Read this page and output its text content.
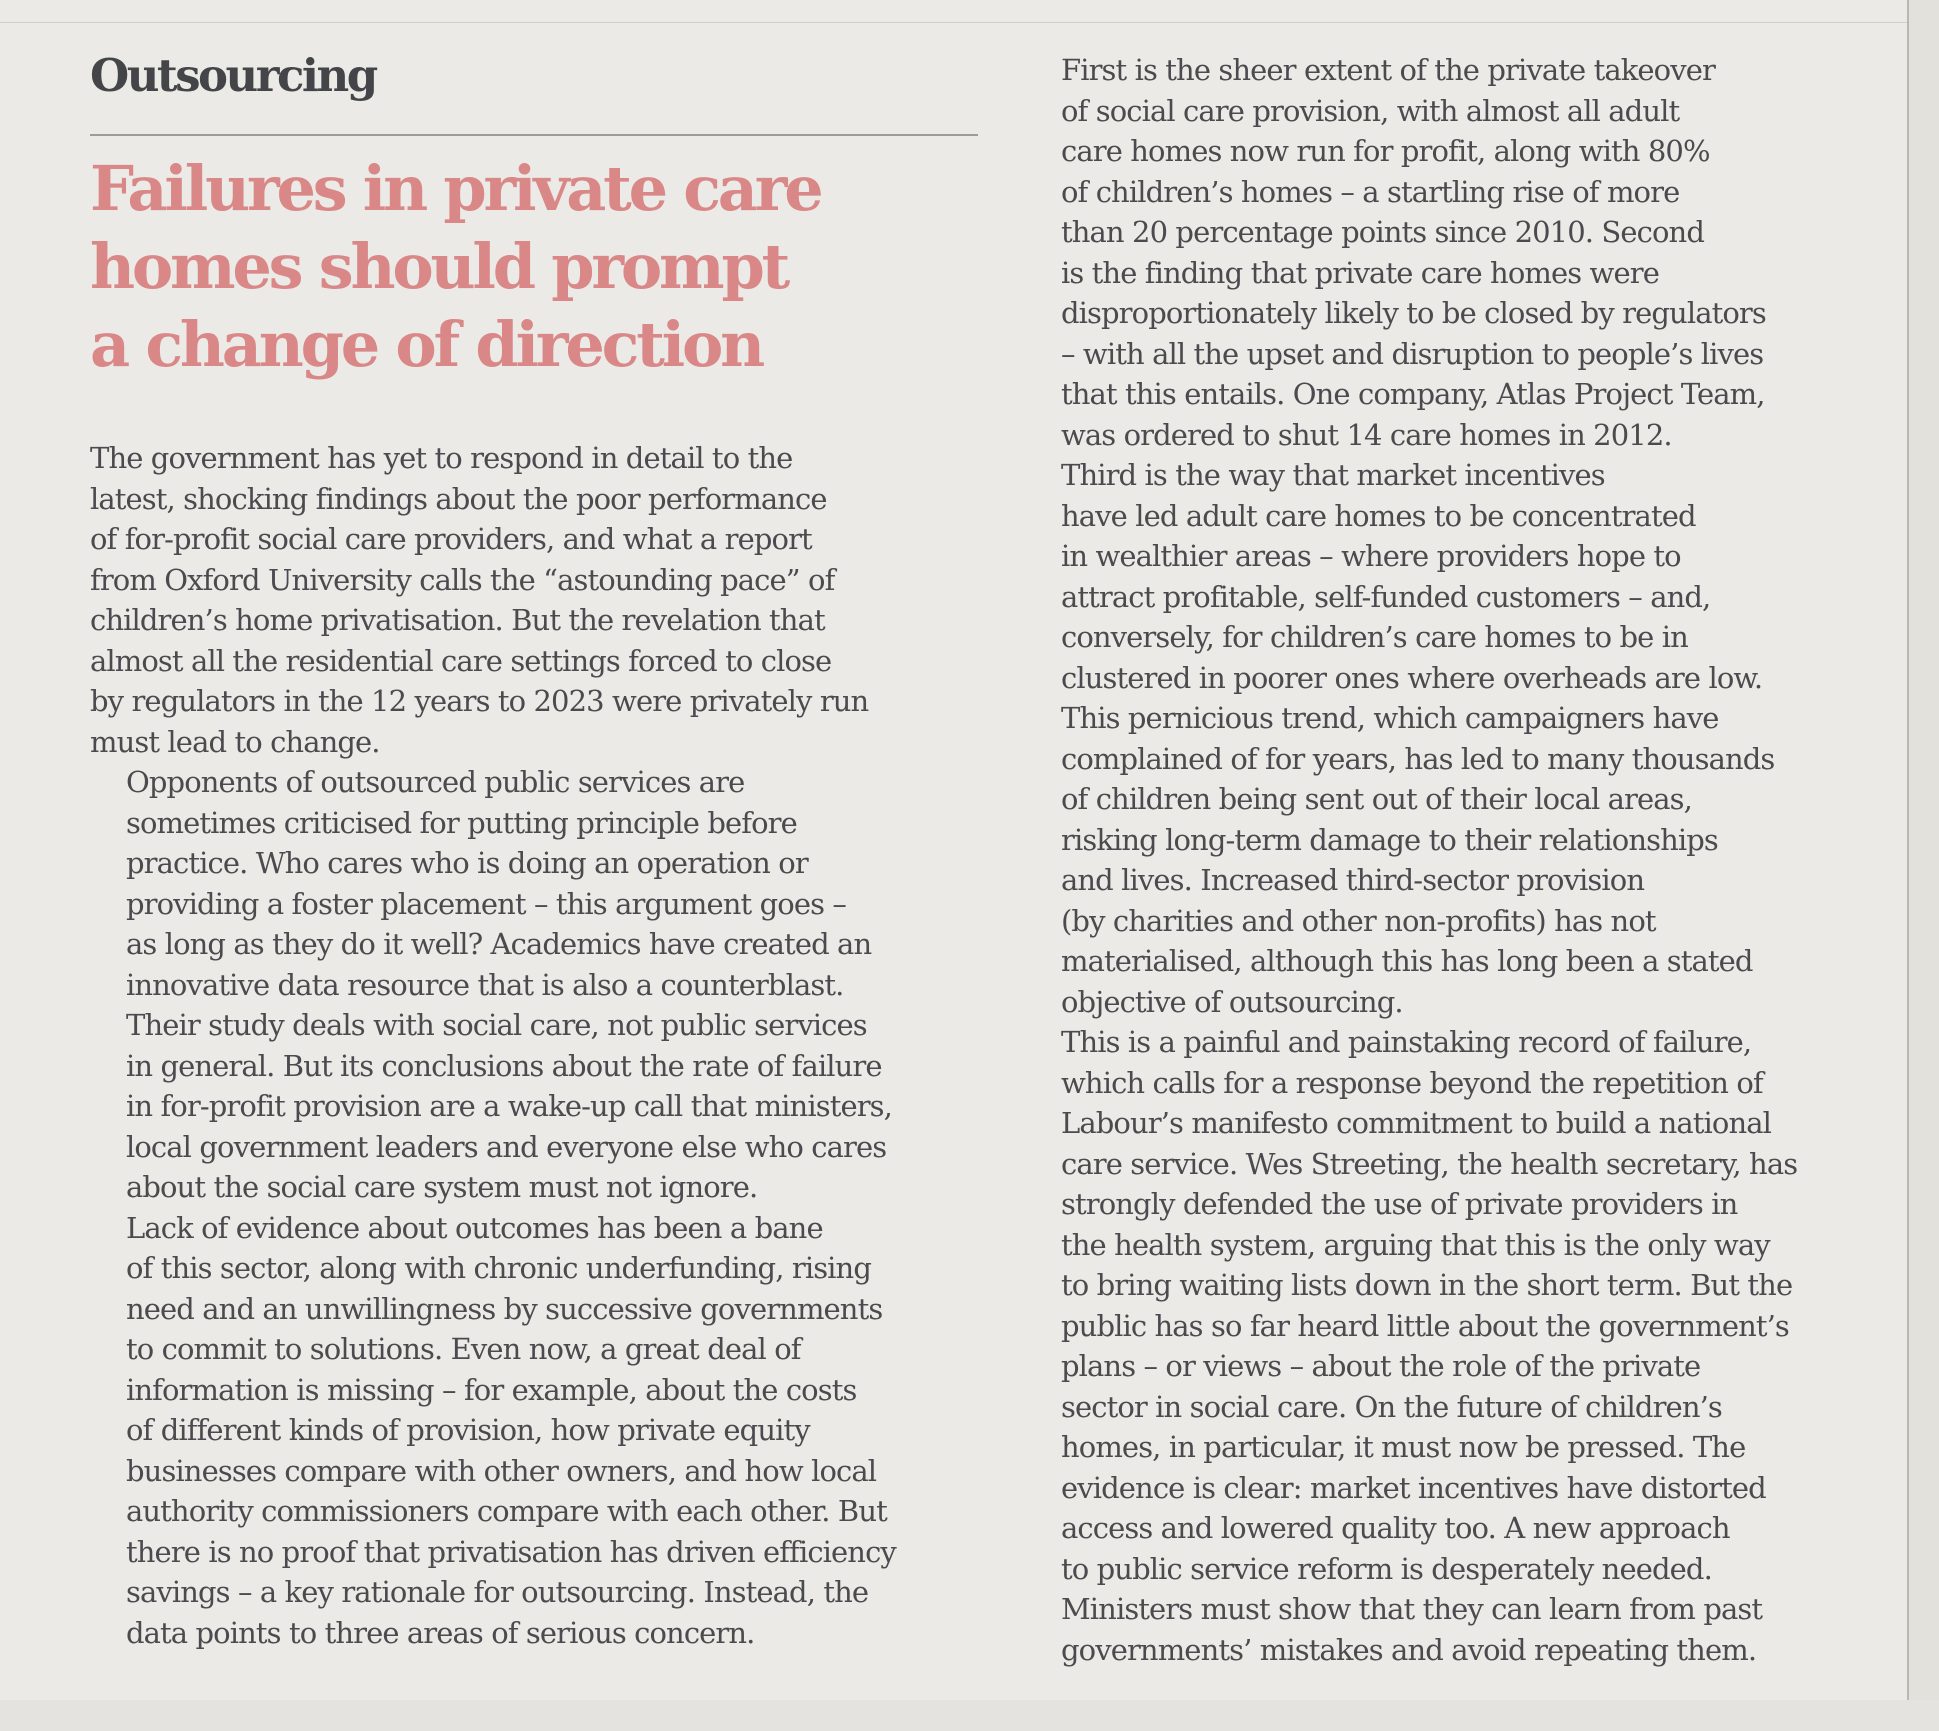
Outsourcing
Failures in private care
homes should prompt
a change of direction

The government has yet to respond in detail to the
latest, shocking findings about the poor performance
of for-profit social care providers, and what a report
from Oxford University calls the “astounding pace” of
children’s home privatisation. But the revelation that
almost all the residential care settings forced to close
by regulators in the 12 years to 2023 were privately run
must lead to change.

Opponents of outsourced public services are
sometimes criticised for putting principle before
practice. Who cares who is doing an operation or
providing a foster placement – this argument goes –
as long as they do it well? Academics have created an
innovative data resource that is also a counterblast.
Their study deals with social care, not public services
in general. But its conclusions about the rate of failure
in for-profit provision are a wake-up call that ministers,
local government leaders and everyone else who cares
about the social care system must not ignore.

Lack of evidence about outcomes has been a bane
of this sector, along with chronic underfunding, rising
need and an unwillingness by successive governments
to commit to solutions. Even now, a great deal of
information is missing – for example, about the costs
of different kinds of provision, how private equity
businesses compare with other owners, and how local
authority commissioners compare with each other. But
there is no proof that privatisation has driven efficiency
savings – a key rationale for outsourcing. Instead, the
data points to three areas of serious concern.

First is the sheer extent of the private takeover
of social care provision, with almost all adult
care homes now run for profit, along with 80%
of children’s homes – a startling rise of more
than 20 percentage points since 2010. Second
is the finding that private care homes were
disproportionately likely to be closed by regulators
– with all the upset and disruption to people’s lives
that this entails. One company, Atlas Project Team,
was ordered to shut 14 care homes in 2012.

Third is the way that market incentives
have led adult care homes to be concentrated
in wealthier areas – where providers hope to
attract profitable, self-funded customers – and,
conversely, for children’s care homes to be in
clustered in poorer ones where overheads are low.
This pernicious trend, which campaigners have
complained of for years, has led to many thousands
of children being sent out of their local areas,
risking long-term damage to their relationships
and lives. Increased third-sector provision
(by charities and other non-profits) has not
materialised, although this has long been a stated
objective of outsourcing.

This is a painful and painstaking record of failure,
which calls for a response beyond the repetition of
Labour’s manifesto commitment to build a national
care service. Wes Streeting, the health secretary, has
strongly defended the use of private providers in
the health system, arguing that this is the only way
to bring waiting lists down in the short term. But the
public has so far heard little about the government’s
plans – or views – about the role of the private
sector in social care. On the future of children’s
homes, in particular, it must now be pressed. The
evidence is clear: market incentives have distorted
access and lowered quality too. A new approach
to public service reform is desperately needed.
Ministers must show that they can learn from past
governments’ mistakes and avoid repeating them.
